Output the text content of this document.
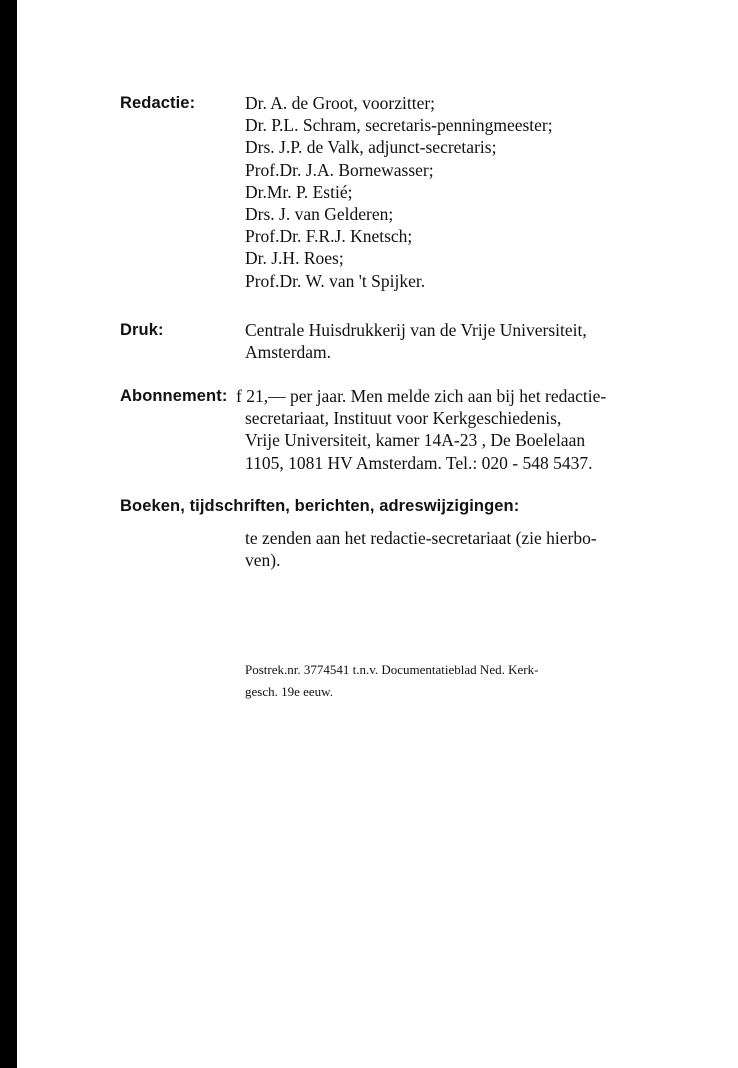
Redactie:	Dr. A. de Groot, voorzitter;
Dr. P.L. Schram, secretaris-penningmeester;
Drs. J.P. de Valk, adjunct-secretaris;
Prof.Dr. J.A. Bornewasser;
Dr.Mr. P. Estié;
Drs. J. van Gelderen;
Prof.Dr. F.R.J. Knetsch;
Dr. J.H. Roes;
Prof.Dr. W. van 't Spijker.
Druk:	Centrale Huisdrukkerij van de Vrije Universiteit,
Amsterdam.
Abonnement: f 21,— per jaar. Men melde zich aan bij het redactie-
secretariaat, Instituut voor Kerkgeschiedenis,
Vrije Universiteit, kamer 14A-23 , De Boelelaan
1105, 1081 HV Amsterdam. Tel.: 020 - 548 5437.
Boeken, tijdschriften, berichten, adreswijzigingen:
te zenden aan het redactie-secretariaat (zie hierbo-
ven).
Postrek.nr. 3774541 t.n.v. Documentatieblad Ned. Kerk-
gesch. 19e eeuw.
